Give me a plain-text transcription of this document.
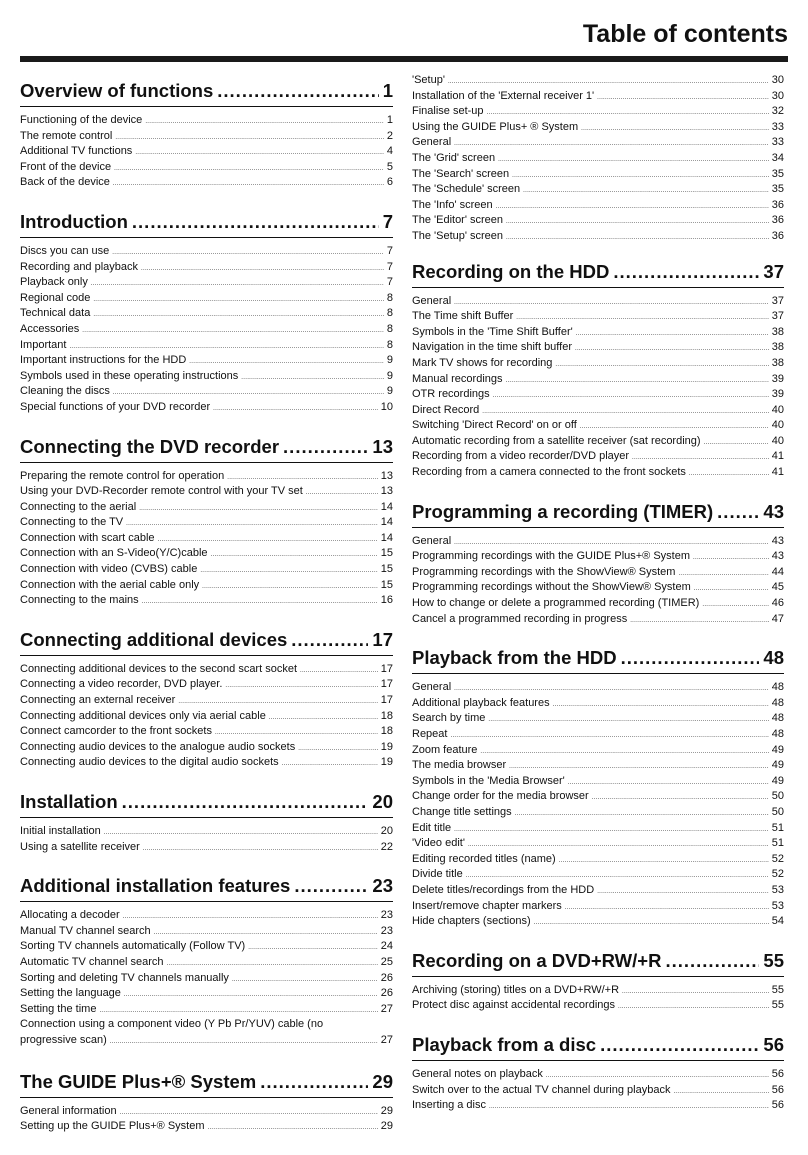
Table of contents
Overview of functions .....	1
Functioning of the device .....	1
The remote control .....	2
Additional TV functions .....	4
Front of the device .....	5
Back of the device .....	6
Introduction .....	7
Discs you can use .....	7
Recording and playback .....	7
Playback only .....	7
Regional code .....	8
Technical data .....	8
Accessories .....	8
Important .....	8
Important instructions for the HDD .....	9
Symbols used in these operating instructions .....	9
Cleaning the discs .....	9
Special functions of your DVD recorder .....	10
Connecting the DVD recorder .....	13
Preparing the remote control for operation .....	13
Using your DVD-Recorder remote control with your TV set .....	13
Connecting to the aerial .....	14
Connecting to the TV .....	14
Connection with scart cable .....	14
Connection with an S-Video(Y/C)cable .....	15
Connection with video (CVBS) cable .....	15
Connection with the aerial cable only .....	15
Connecting to the mains .....	16
Connecting additional devices .....	17
Connecting additional devices to the second scart socket .....	17
Connecting a video recorder, DVD player. .....	17
Connecting an external receiver .....	17
Connecting additional devices only via aerial cable .....	18
Connect camcorder to the front sockets .....	18
Connecting audio devices to the analogue audio sockets .....	19
Connecting audio devices to the digital audio sockets .....	19
Installation .....	20
Initial installation .....	20
Using a satellite receiver .....	22
Additional installation features .....	23
Allocating a decoder .....	23
Manual TV channel search .....	23
Sorting TV channels automatically (Follow TV) .....	24
Automatic TV channel search .....	25
Sorting and deleting TV channels manually .....	26
Setting the language .....	26
Setting the time .....	27
Connection using a component video (Y Pb Pr/YUV) cable (no
progressive scan) .....	27
The GUIDE Plus+® System .....	29
General information .....	29
Setting up the GUIDE Plus+® System .....	29
'Setup' .....	30
Installation of the 'External receiver 1' .....	30
Finalise set-up .....	32
Using the GUIDE Plus+ ® System .....	33
General .....	33
The 'Grid' screen .....	34
The 'Search' screen .....	35
The 'Schedule' screen .....	35
The 'Info' screen .....	36
The 'Editor' screen .....	36
The 'Setup' screen .....	36
Recording on the HDD .....	37
General .....	37
The Time shift Buffer .....	37
Symbols in the 'Time Shift Buffer' .....	38
Navigation in the time shift buffer .....	38
Mark TV shows for recording .....	38
Manual recordings .....	39
OTR recordings .....	39
Direct Record .....	40
Switching 'Direct Record' on or off .....	40
Automatic recording from a satellite receiver (sat recording) .....	40
Recording from a video recorder/DVD player .....	41
Recording from a camera connected to the front sockets .....	41
Programming a recording (TIMER) .....	43
General .....	43
Programming recordings with the GUIDE Plus+® System .....	43
Programming recordings with the ShowView® System .....	44
Programming recordings without the ShowView® System .....	45
How to change or delete a programmed recording (TIMER) .....	46
Cancel a programmed recording in progress .....	47
Playback from the HDD .....	48
General .....	48
Additional playback features .....	48
Search by time .....	48
Repeat .....	48
Zoom feature .....	49
The media browser .....	49
Symbols in the 'Media Browser' .....	49
Change order for the media browser .....	50
Change title settings .....	50
Edit title .....	51
'Video edit' .....	51
Editing recorded titles (name) .....	52
Divide title .....	52
Delete titles/recordings from the HDD .....	53
Insert/remove chapter markers .....	53
Hide chapters (sections) .....	54
Recording on a DVD+RW/+R .....	55
Archiving (storing) titles on a DVD+RW/+R .....	55
Protect disc against accidental recordings .....	55
Playback from a disc .....	56
General notes on playback .....	56
Switch over to the actual TV channel during playback .....	56
Inserting a disc .....	56
